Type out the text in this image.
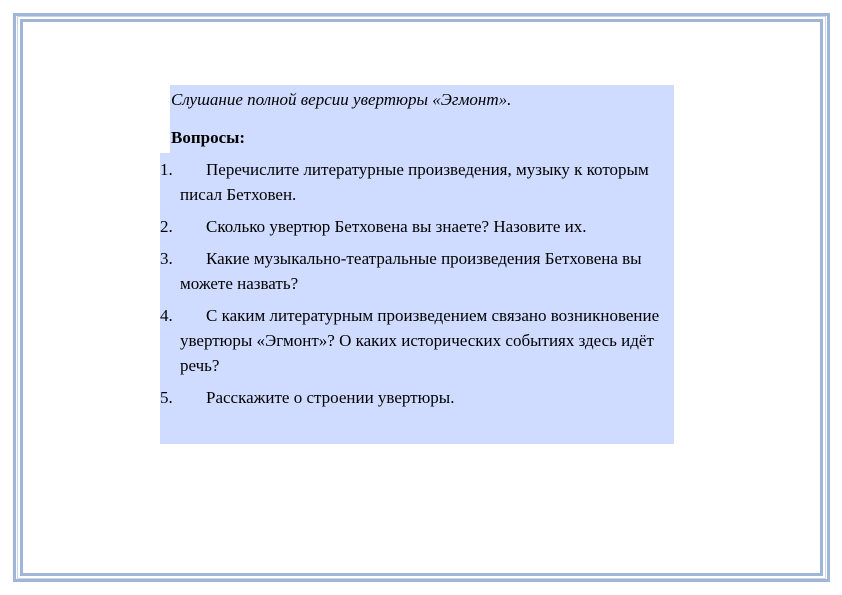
Слушание полной версии увертюры «Эгмонт».
Вопросы:
1.	Перечислите литературные произведения, музыку к которым писал Бетховен.
2.	Сколько увертюр Бетховена вы знаете? Назовите их.
3.	Какие музыкально-театральные произведения Бетховена вы можете назвать?
4.	С каким литературным произведением связано возникновение увертюры «Эгмонт»? О каких исторических событиях здесь идёт речь?
5.	Расскажите о строении увертюры.
